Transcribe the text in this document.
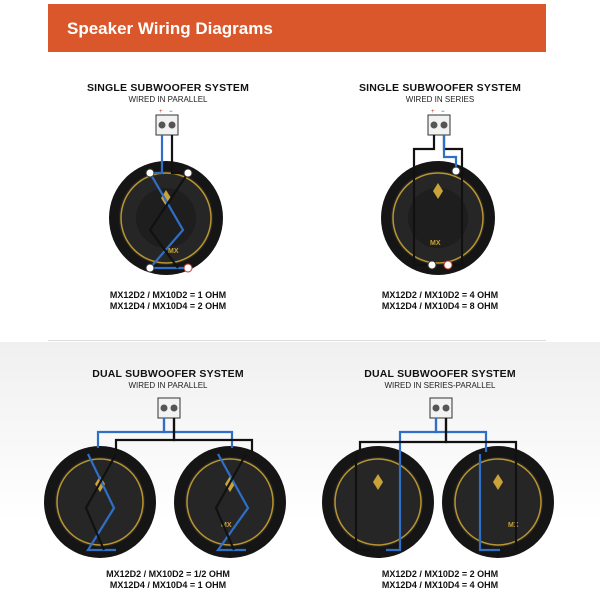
Speaker Wiring Diagrams
SINGLE SUBWOOFER SYSTEM
WIRED IN PARALLEL
MX
+ −
MX12D2 / MX10D2 = 1 OHM
MX12D4 / MX10D4 = 2 OHM
SINGLE SUBWOOFER SYSTEM
WIRED IN SERIES
MX
+ −
MX12D2 / MX10D2 = 4 OHM
MX12D4 / MX10D4 = 8 OHM
DUAL SUBWOOFER SYSTEM
WIRED IN PARALLEL
MX
MX12D2 / MX10D2 = 1/2 OHM
MX12D4 / MX10D4 = 1 OHM
DUAL SUBWOOFER SYSTEM
WIRED IN SERIES-PARALLEL
MX
MX12D2 / MX10D2 = 2 OHM
MX12D4 / MX10D4 = 4 OHM
